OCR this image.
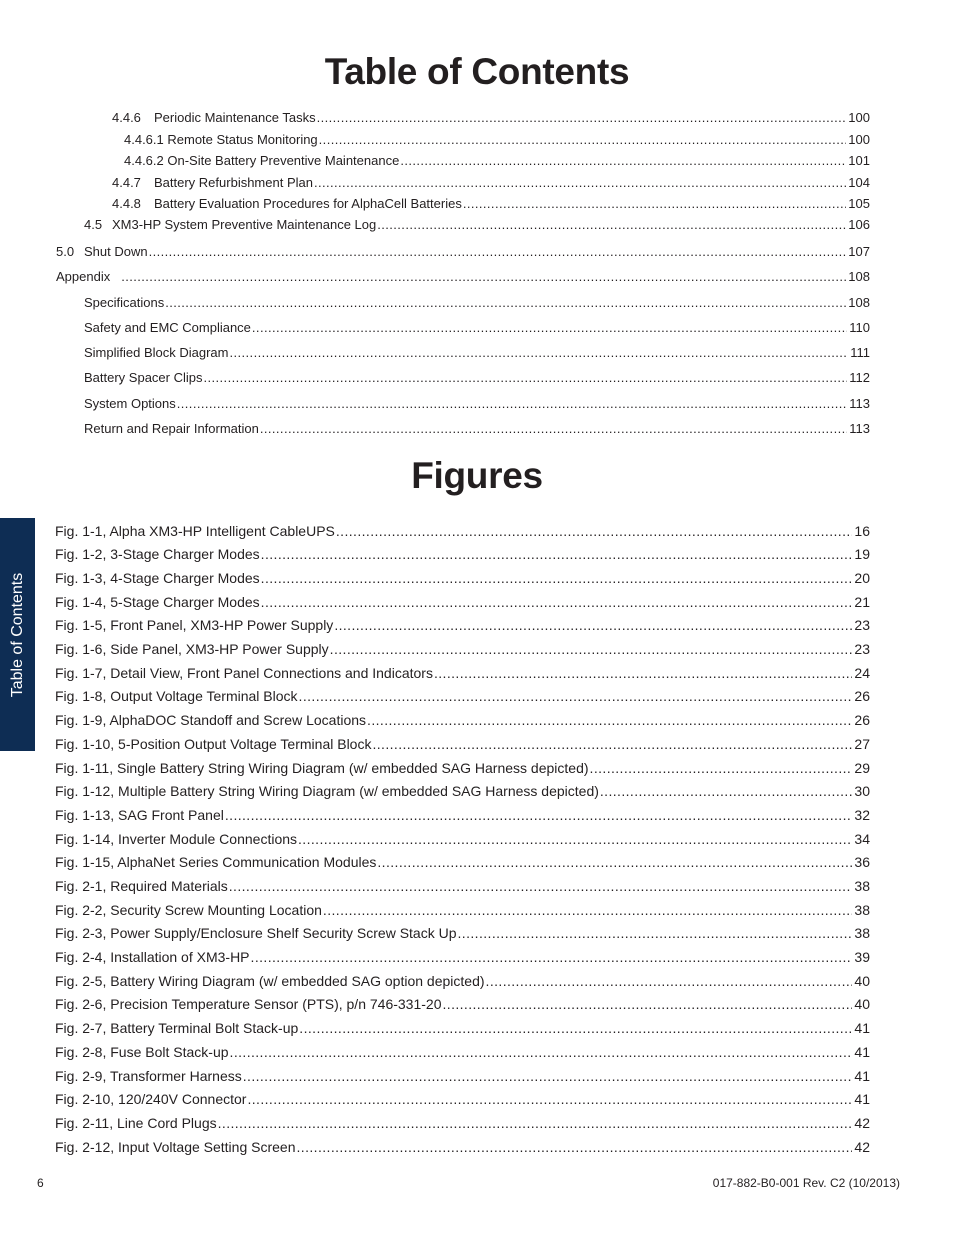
Table of Contents
4.4.6	Periodic Maintenance Tasks .....	100
4.4.6.1 Remote Status Monitoring .....	100
4.4.6.2 On-Site Battery Preventive Maintenance .....	101
4.4.7	Battery Refurbishment Plan .....	104
4.4.8	Battery Evaluation Procedures for AlphaCell Batteries .....	105
4.5 XM3-HP System Preventive Maintenance Log .....	106
5.0 Shut Down .....	107
Appendix .....	108
Specifications .....	108
Safety and EMC Compliance .....	110
Simplified Block Diagram .....	111
Battery Spacer Clips .....	112
System Options .....	113
Return and Repair Information .....	113
Figures
Fig. 1-1, Alpha XM3-HP Intelligent CableUPS .....	16
Fig. 1-2, 3-Stage Charger Modes .....	19
Fig. 1-3, 4-Stage Charger Modes .....	20
Fig. 1-4, 5-Stage Charger Modes .....	21
Fig. 1-5, Front Panel, XM3-HP Power Supply .....	23
Fig. 1-6, Side Panel, XM3-HP Power Supply .....	23
Fig. 1-7, Detail View, Front Panel Connections and Indicators .....	24
Fig. 1-8, Output Voltage Terminal Block .....	26
Fig. 1-9, AlphaDOC Standoff and Screw Locations .....	26
Fig. 1-10, 5-Position Output Voltage Terminal Block .....	27
Fig. 1-11, Single Battery String Wiring Diagram (w/ embedded SAG Harness depicted) .....	29
Fig. 1-12, Multiple Battery String Wiring Diagram (w/ embedded SAG Harness depicted) .....	30
Fig. 1-13, SAG Front Panel .....	32
Fig. 1-14, Inverter Module Connections .....	34
Fig. 1-15, AlphaNet Series Communication Modules .....	36
Fig. 2-1, Required Materials .....	38
Fig. 2-2, Security Screw Mounting Location .....	38
Fig. 2-3, Power Supply/Enclosure Shelf Security Screw Stack Up .....	38
Fig. 2-4, Installation of XM3-HP .....	39
Fig. 2-5, Battery Wiring Diagram (w/ embedded SAG option depicted) .....	40
Fig. 2-6, Precision Temperature Sensor (PTS), p/n 746-331-20 .....	40
Fig. 2-7, Battery Terminal Bolt Stack-up .....	41
Fig. 2-8, Fuse Bolt Stack-up .....	41
Fig. 2-9, Transformer Harness .....	41
Fig. 2-10, 120/240V Connector .....	41
Fig. 2-11, Line Cord Plugs .....	42
Fig. 2-12, Input Voltage Setting Screen .....	42
Table of Contents
6	017-882-B0-001 Rev. C2 (10/2013)
